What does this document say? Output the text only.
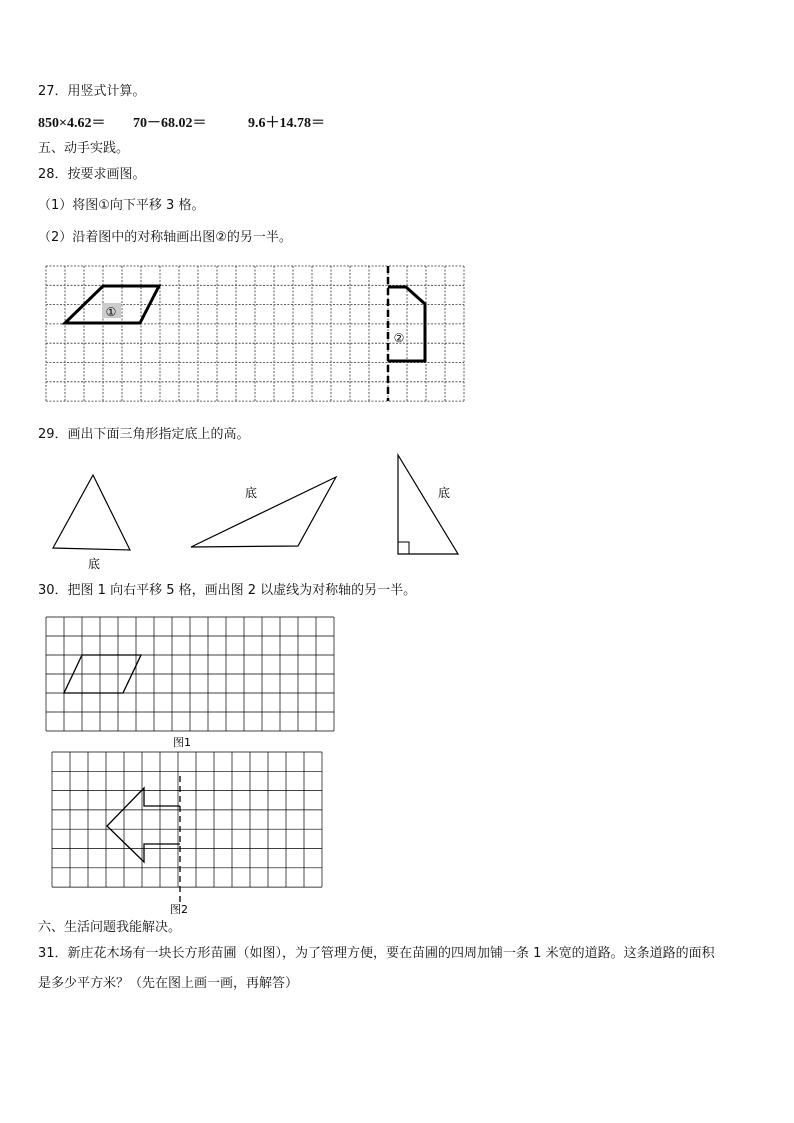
27．用竖式计算。
850×4.62＝ 70－68.02＝	9.6＋14.78＝
五、动手实践。
28．按要求画图。
（1）将图①向下平移 3 格。
（2）沿着图中的对称轴画出图②的另一半。
①
②
29．画出下面三角形指定底上的高。
底
底	底
30．把图 1 向右平移 5 格，画出图 2 以虚线为对称轴的另一半。
图1
图2
六、生活问题我能解决。
31．新庄花木场有一块长方形苗圃（如图），为了管理方便，要在苗圃的四周加铺一条 1 米宽的道路。这条道路的面积
是多少平方米？（先在图上画一画，再解答）
